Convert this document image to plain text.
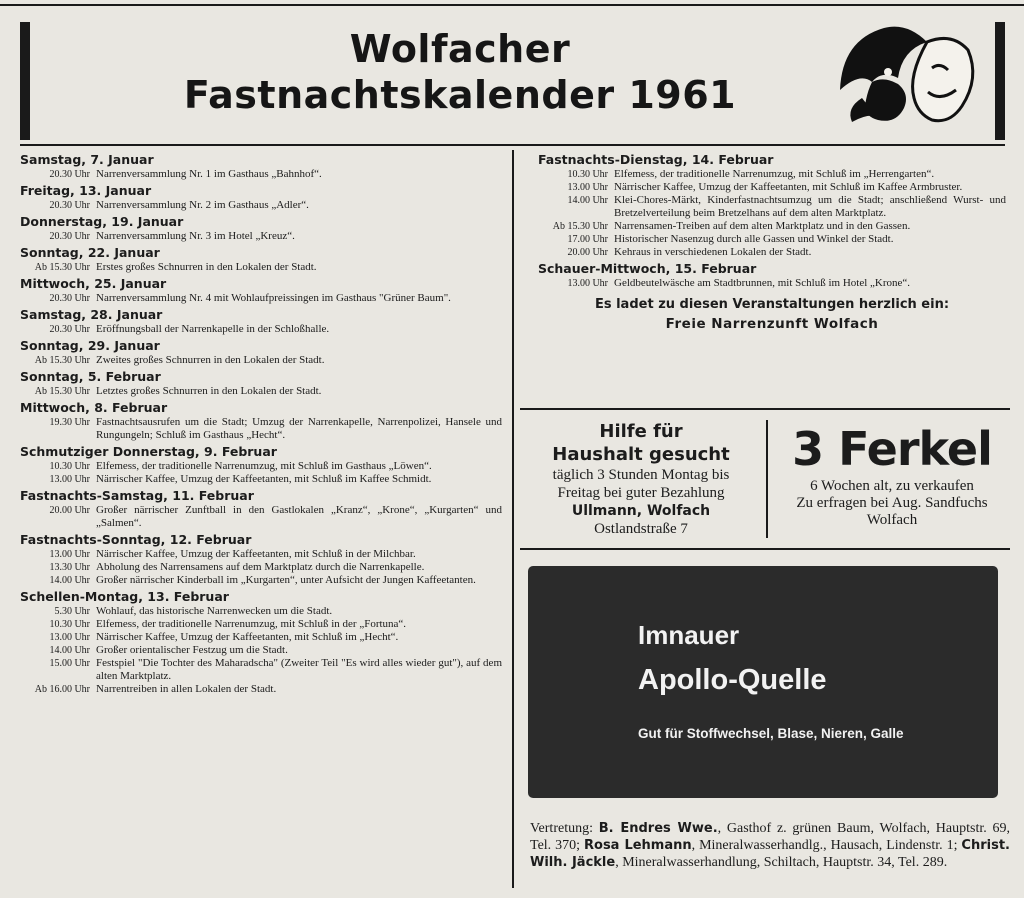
Wolfacher
Fastnachtskalender 1961
Samstag, 7. Januar
20.30 Uhr Narrenversammlung Nr. 1 im Gasthaus „Bahnhof“.
Freitag, 13. Januar
20.30 Uhr Narrenversammlung Nr. 2 im Gasthaus „Adler“.
Donnerstag, 19. Januar
20.30 Uhr Narrenversammlung Nr. 3 im Hotel „Kreuz“.
Sonntag, 22. Januar
Ab 15.30 Uhr Erstes großes Schnurren in den Lokalen der Stadt.
Mittwoch, 25. Januar
20.30 Uhr Narrenversammlung Nr. 4 mit Wohlaufpreissingen im Gasthaus "Grüner Baum".
Samstag, 28. Januar
20.30 Uhr Eröffnungsball der Narrenkapelle in der Schloßhalle.
Sonntag, 29. Januar
Ab 15.30 Uhr Zweites großes Schnurren in den Lokalen der Stadt.
Sonntag, 5. Februar
Ab 15.30 Uhr Letztes großes Schnurren in den Lokalen der Stadt.
Mittwoch, 8. Februar
19.30 Uhr Fastnachtsausrufen um die Stadt; Umzug der Narrenkapelle, Narrenpolizei, Hansele und Rungungeln; Schluß im Gasthaus „Hecht“.
Schmutziger Donnerstag, 9. Februar
10.30 Uhr Elfemess, der traditionelle Narrenumzug, mit Schluß im Gasthaus „Löwen“.
13.00 Uhr Närrischer Kaffee, Umzug der Kaffeetanten, mit Schluß im Kaffee Schmidt.
Fastnachts-Samstag, 11. Februar
20.00 Uhr Großer närrischer Zunftball in den Gastlokalen „Kranz“, „Krone“, „Kurgarten“ und „Salmen“.
Fastnachts-Sonntag, 12. Februar
13.00 Uhr Närrischer Kaffee, Umzug der Kaffeetanten, mit Schluß in der Milchbar.
13.30 Uhr Abholung des Narrensamens auf dem Marktplatz durch die Narrenkapelle.
14.00 Uhr Großer närrischer Kinderball im „Kurgarten“, unter Aufsicht der Jungen Kaffeetanten.
Schellen-Montag, 13. Februar
5.30 Uhr Wohlauf, das historische Narrenwecken um die Stadt.
10.30 Uhr Elfemess, der traditionelle Narrenumzug, mit Schluß in der „Fortuna“.
13.00 Uhr Närrischer Kaffee, Umzug der Kaffeetanten, mit Schluß im „Hecht“.
14.00 Uhr Großer orientalischer Festzug um die Stadt.
15.00 Uhr Festspiel "Die Tochter des Maharadscha" (Zweiter Teil "Es wird alles wieder gut"), auf dem alten Marktplatz.
Ab 16.00 Uhr Narrentreiben in allen Lokalen der Stadt.
Fastnachts-Dienstag, 14. Februar
10.30 Uhr Elfemess, der traditionelle Narrenumzug, mit Schluß im „Herrengarten“.
13.00 Uhr Närrischer Kaffee, Umzug der Kaffeetanten, mit Schluß im Kaffee Armbruster.
14.00 Uhr Klei-Chores-Märkt, Kinderfastnachtsumzug um die Stadt; anschließend Wurst- und Bretzelverteilung beim Bretzelhans auf dem alten Marktplatz.
Ab 15.30 Uhr Narrensamen-Treiben auf dem alten Marktplatz und in den Gassen.
17.00 Uhr Historischer Nasenzug durch alle Gassen und Winkel der Stadt.
20.00 Uhr Kehraus in verschiedenen Lokalen der Stadt.
Schauer-Mittwoch, 15. Februar
13.00 Uhr Geldbeutelwäsche am Stadtbrunnen, mit Schluß im Hotel „Krone“.
Es ladet zu diesen Veranstaltungen herzlich ein:
Freie Narrenzunft Wolfach
Hilfe für
Haushalt gesucht
täglich 3 Stunden Montag bis
Freitag bei guter Bezahlung
Ullmann, Wolfach
Ostlandstraße 7
3 Ferkel
6 Wochen alt, zu verkaufen
Zu erfragen bei Aug. Sandfuchs
Wolfach
Imnauer
Apollo-Quelle
Gut für Stoffwechsel, Blase, Nieren, Galle
Vertretung: B. Endres Wwe., Gasthof z. grünen Baum, Wolfach, Hauptstr. 69, Tel. 370; Rosa Lehmann, Mineralwasserhandlg., Hausach, Lindenstr. 1; Christ. Wilh. Jäckle, Mineralwasserhandlung, Schiltach, Hauptstr. 34, Tel. 289.
